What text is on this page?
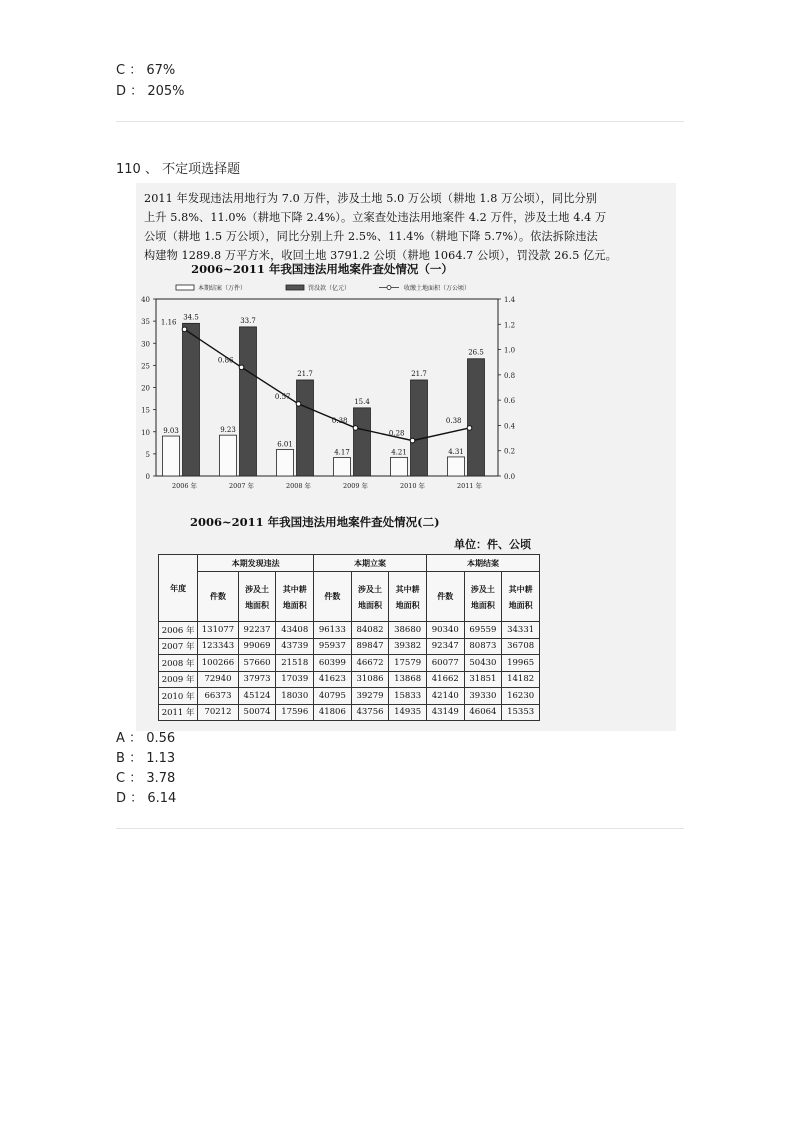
C ： 67%
D ： 205%
110 、 不定项选择题
2011 年发现违法用地行为 7.0 万件，涉及土地 5.0 万公顷（耕地 1.8 万公顷），同比分别
上升 5.8%、11.0%（耕地下降 2.4%）。立案查处违法用地案件 4.2 万件，涉及土地 4.4 万
公顷（耕地 1.5 万公顷），同比分别上升 2.5%、11.4%（耕地下降 5.7%）。依法拆除违法
构建物 1289.8 万平方米，收回土地 3791.2 公顷（耕地 1064.7 公顷），罚没款 26.5 亿元。
2006~2011 年我国违法用地案件查处情况（一）
本期结案（万件）	罚没款（亿元）	收缴土地面积（万公顷）
0
5
10
15
20
25
30
35
40
0.0
0.2
0.4
0.6
0.8
1.0
1.2
1.4
9.03
34.5
2006 年
9.23
33.7
2007 年
6.01
21.7
2008 年
4.17
15.4
2009 年
4.21
21.7
2010 年
4.31
26.5
2011 年
1.16
0.86
0.57
0.38
0.28
0.38
2006~2011 年我国违法用地案件查处情况(二)
单位：件、公顷
年度	本期发现违法			本期立案			本期结案		
	件数	涉及土地面积	其中耕地面积	件数	涉及土地面积	其中耕地面积	件数	涉及土地面积	其中耕地面积
2006 年	131077	92237	43408	96133	84082	38680	90340	69559	34331
2007 年	123343	99069	43739	95937	89847	39382	92347	80873	36708
2008 年	100266	57660	21518	60399	46672	17579	60077	50430	19965
2009 年	72940	37973	17039	41623	31086	13868	41662	31851	14182
2010 年	66373	45124	18030	40795	39279	15833	42140	39330	16230
2011 年	70212	50074	17596	41806	43756	14935	43149	46064	15353
A ： 0.56
B ： 1.13
C ： 3.78
D ： 6.14
